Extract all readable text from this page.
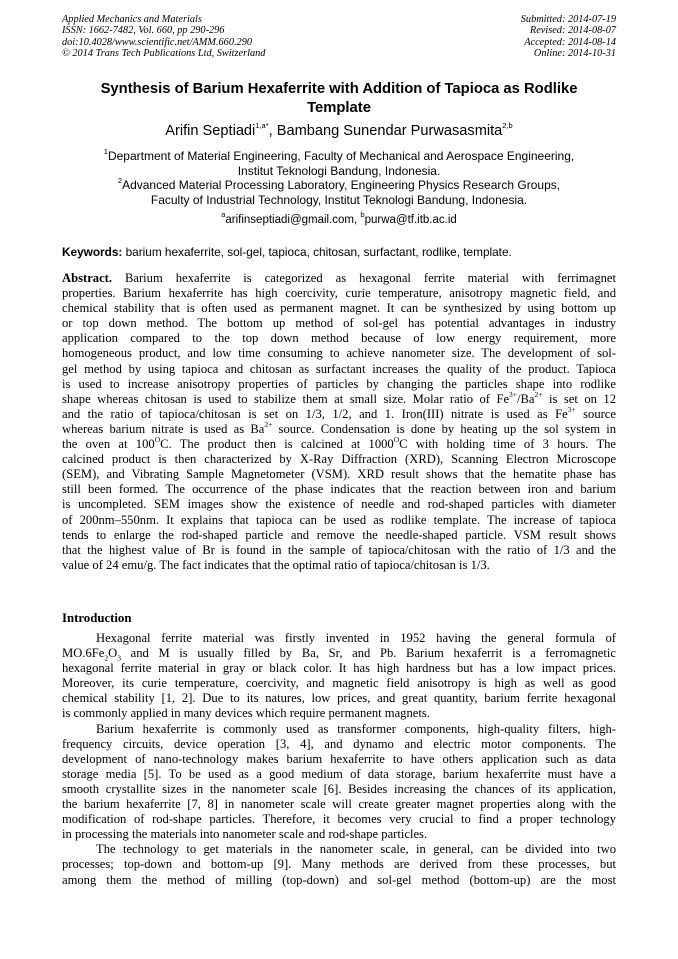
Applied Mechanics and Materials
ISSN: 1662-7482, Vol. 660, pp 290-296
doi:10.4028/www.scientific.net/AMM.660.290
© 2014 Trans Tech Publications Ltd, Switzerland
Submitted: 2014-07-19
Revised: 2014-08-07
Accepted: 2014-08-14
Online: 2014-10-31
Synthesis of Barium Hexaferrite with Addition of Tapioca as Rodlike
Template
Arifin Septiadi$^{1,a*}$, Bambang Sunendar Purwasasmita$^{2,b}$
$^1$Department of Material Engineering, Faculty of Mechanical and Aerospace Engineering,
Institut Teknologi Bandung, Indonesia.
$^2$Advanced Material Processing Laboratory, Engineering Physics Research Groups,
Faculty of Industrial Technology, Institut Teknologi Bandung, Indonesia.
$^a$arifinseptiadi@gmail.com, $^b$purwa@tf.itb.ac.id
Keywords: barium hexaferrite, sol-gel, tapioca, chitosan, surfactant, rodlike, template.
Abstract. Barium hexaferrite is categorized as hexagonal ferrite material with ferrimagnet
properties. Barium hexaferrite has high coercivity, curie temperature, anisotropy magnetic field, and
chemical stability that is often used as permanent magnet. It can be synthesized by using bottom up
or top down method. The bottom up method of sol-gel has potential advantages in industry
application compared to the top down method because of low energy requirement, more
homogeneous product, and low time consuming to achieve nanometer size. The development of sol-
gel method by using tapioca and chitosan as surfactant increases the quality of the product. Tapioca
is used to increase anisotropy properties of particles by changing the particles shape into rodlike
shape whereas chitosan is used to stabilize them at small size. Molar ratio of $Fe^{3+}/Ba^{2+}$ is set on 12
and the ratio of tapioca/chitosan is set on 1/3, 1/2, and 1. Iron(III) nitrate is used as $Fe^{3+}$ source
whereas barium nitrate is used as $Ba^{2+}$ source. Condensation is done by heating up the sol system in
the oven at $100^OC$. The product then is calcined at $1000^OC$ with holding time of 3 hours. The
calcined product is then characterized by X-Ray Diffraction (XRD), Scanning Electron Microscope
(SEM), and Vibrating Sample Magnetometer (VSM). XRD result shows that the hematite phase has
still been formed. The occurrence of the phase indicates that the reaction between iron and barium
is uncompleted. SEM images show the existence of needle and rod-shaped particles with diameter
of 200nm–550nm. It explains that tapioca can be used as rodlike template. The increase of tapioca
tends to enlarge the rod-shaped particle and remove the needle-shaped particle. VSM result shows
that the highest value of Br is found in the sample of tapioca/chitosan with the ratio of 1/3 and the
value of 24 emu/g. The fact indicates that the optimal ratio of tapioca/chitosan is 1/3.
Introduction
Hexagonal ferrite material was firstly invented in 1952 having the general formula of
$MO.6Fe_2O_3$ and M is usually filled by Ba, Sr, and Pb. Barium hexaferrit is a ferromagnetic
hexagonal ferrite material in gray or black color. It has high hardness but has a low impact prices.
Moreover, its curie temperature, coercivity, and magnetic field anisotropy is high as well as good
chemical stability [1, 2]. Due to its natures, low prices, and great quantity, barium ferrite hexagonal
is commonly applied in many devices which require permanent magnets.
Barium hexaferrite is commonly used as transformer components, high-quality filters, high-
frequency circuits, device operation [3, 4], and dynamo and electric motor components. The
development of nano-technology makes barium hexaferrite to have others application such as data
storage media [5]. To be used as a good medium of data storage, barium hexaferrite must have a
smooth crystallite sizes in the nanometer scale [6]. Besides increasing the chances of its application,
the barium hexaferrite [7, 8] in nanometer scale will create greater magnet properties along with the
modification of rod-shape particles. Therefore, it becomes very crucial to find a proper technology
in processing the materials into nanometer scale and rod-shape particles.
The technology to get materials in the nanometer scale, in general, can be divided into two
processes; top-down and bottom-up [9]. Many methods are derived from these processes, but
among them the method of milling (top-down) and sol-gel method (bottom-up) are the most
